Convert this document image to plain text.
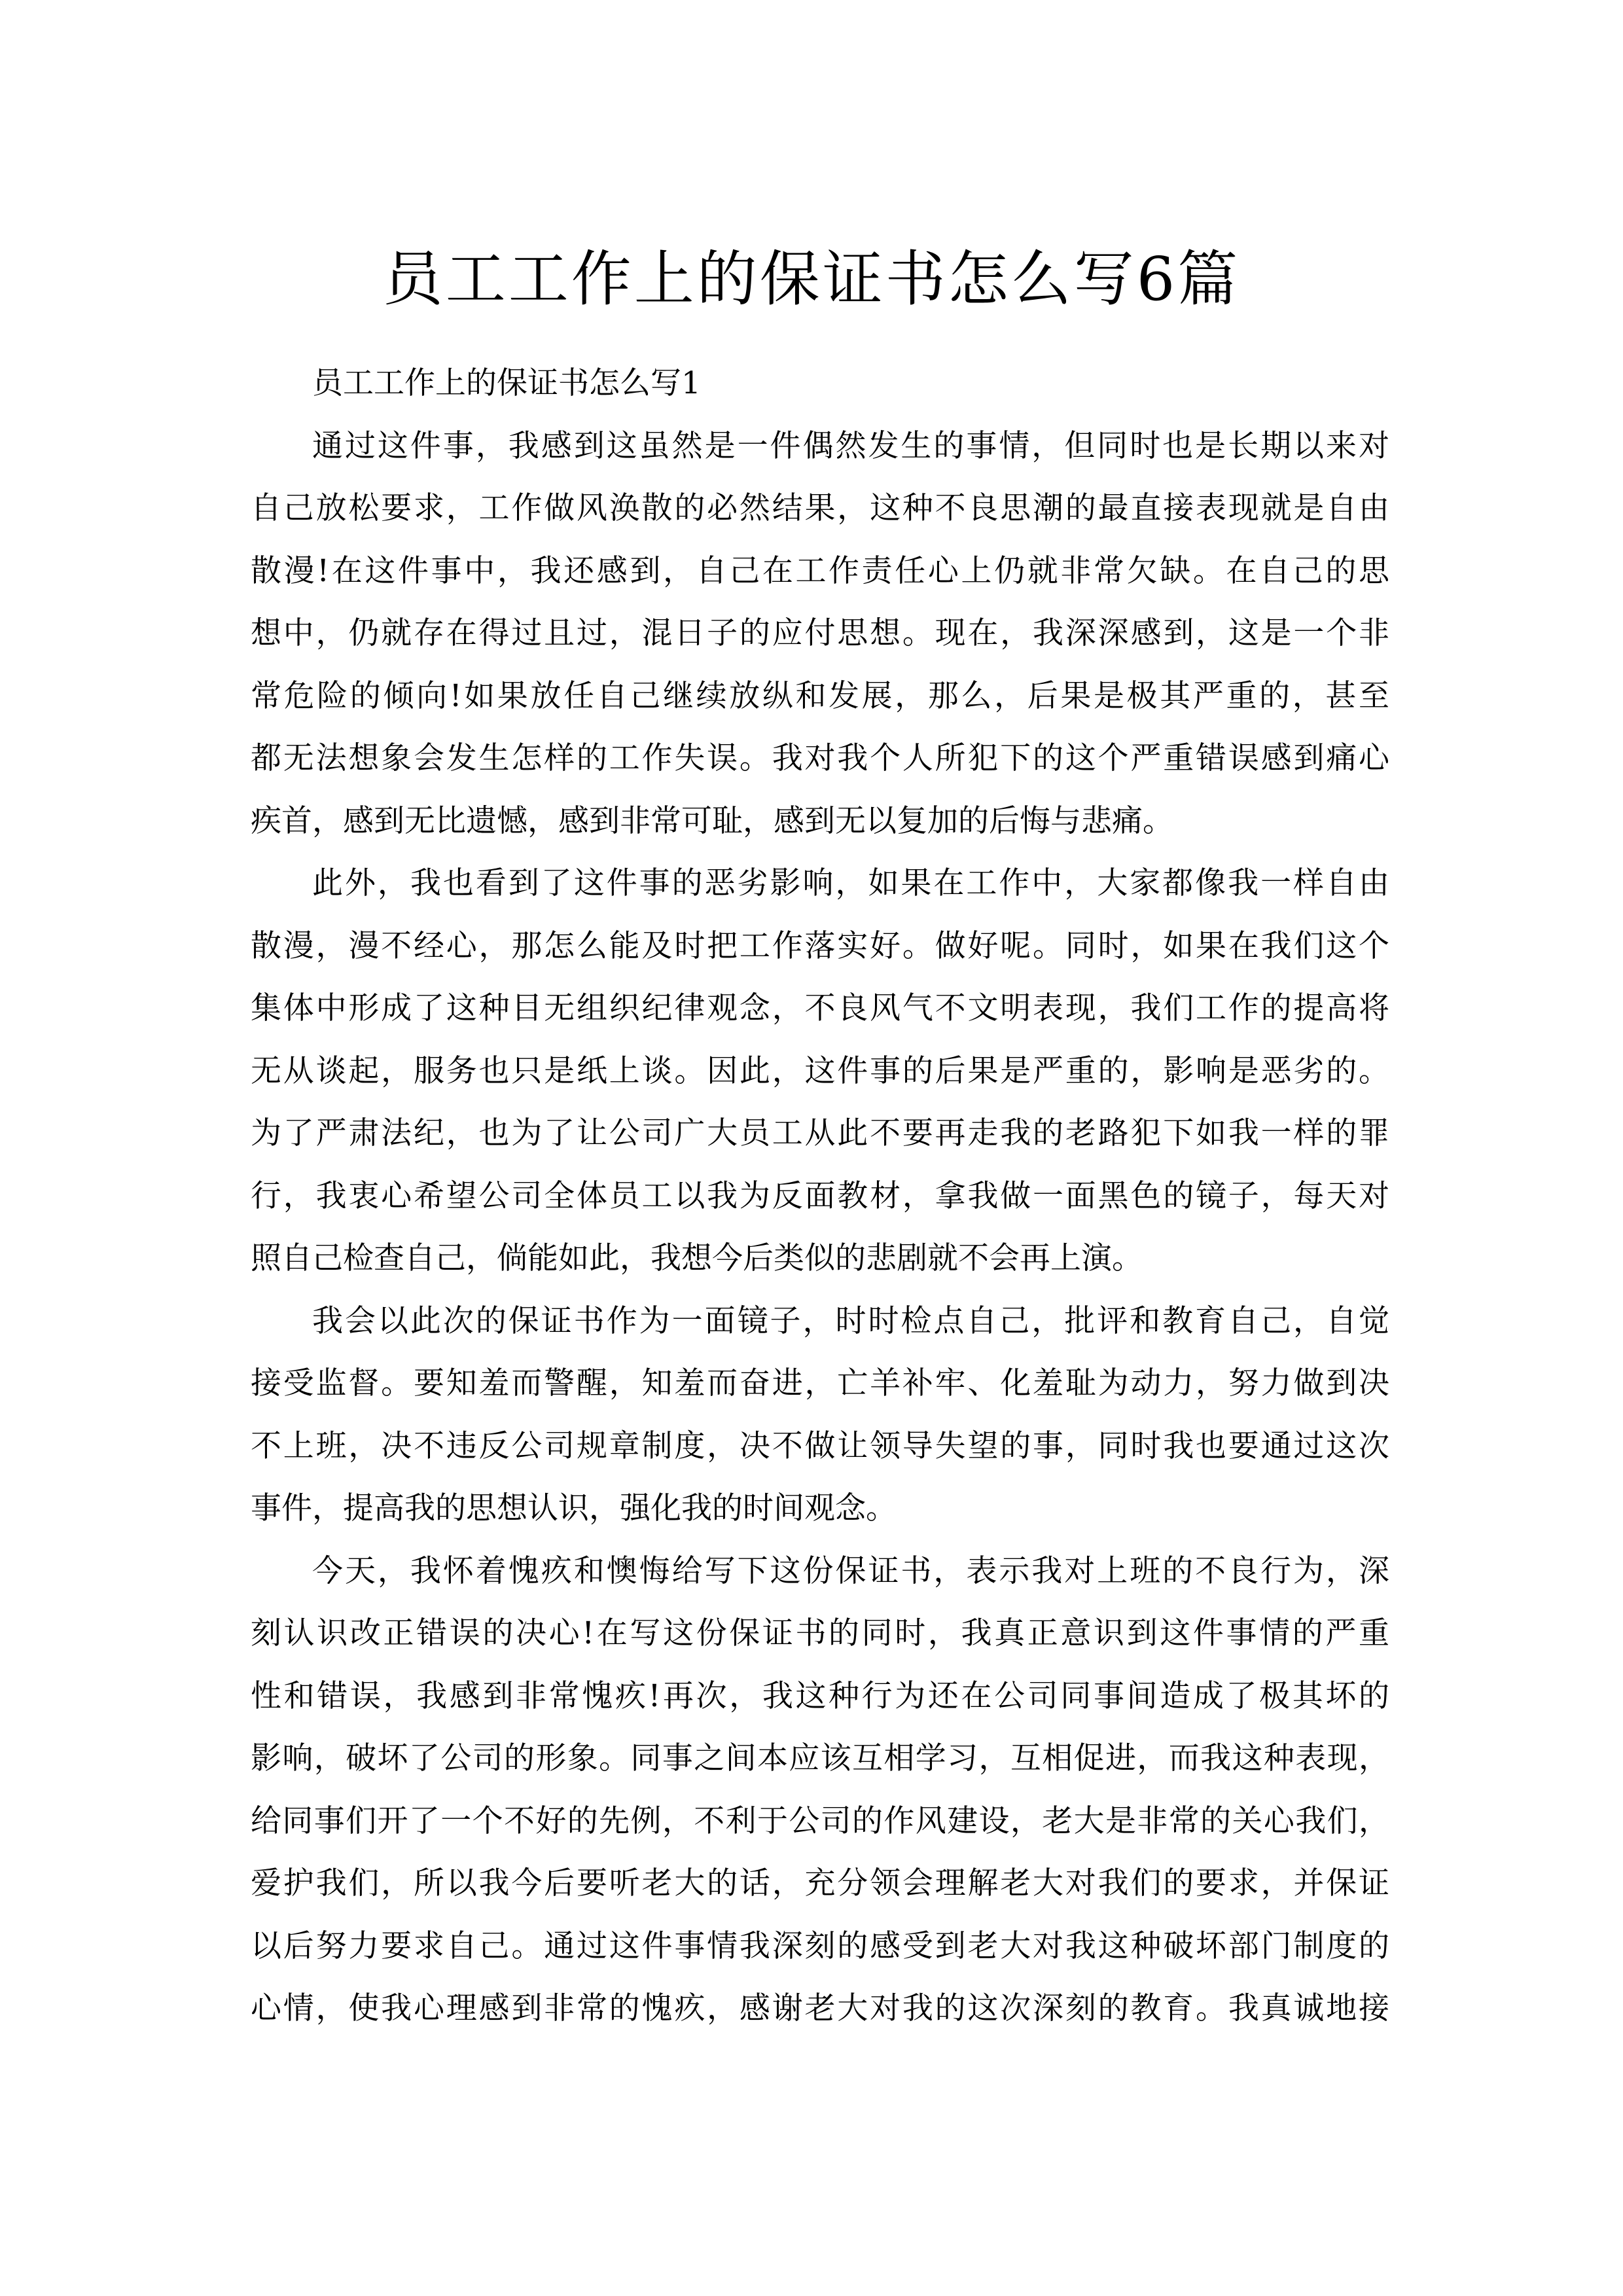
员工工作上的保证书怎么写6篇

员工工作上的保证书怎么写1

通过这件事，我感到这虽然是一件偶然发生的事情，但同时也是长期以来对
自己放松要求，工作做风涣散的必然结果，这种不良思潮的最直接表现就是自由
散漫!在这件事中，我还感到，自己在工作责任心上仍就非常欠缺。在自己的思
想中，仍就存在得过且过，混日子的应付思想。现在，我深深感到，这是一个非
常危险的倾向!如果放任自己继续放纵和发展，那么，后果是极其严重的，甚至
都无法想象会发生怎样的工作失误。我对我个人所犯下的这个严重错误感到痛心
疾首，感到无比遗憾，感到非常可耻，感到无以复加的后悔与悲痛。

此外，我也看到了这件事的恶劣影响，如果在工作中，大家都像我一样自由
散漫，漫不经心，那怎么能及时把工作落实好。做好呢。同时，如果在我们这个
集体中形成了这种目无组织纪律观念，不良风气不文明表现，我们工作的提高将
无从谈起，服务也只是纸上谈。因此，这件事的后果是严重的，影响是恶劣的。
为了严肃法纪，也为了让公司广大员工从此不要再走我的老路犯下如我一样的罪
行，我衷心希望公司全体员工以我为反面教材，拿我做一面黑色的镜子，每天对
照自己检查自己，倘能如此，我想今后类似的悲剧就不会再上演。

我会以此次的保证书作为一面镜子，时时检点自己，批评和教育自己，自觉
接受监督。要知羞而警醒，知羞而奋进，亡羊补牢、化羞耻为动力，努力做到决
不上班，决不违反公司规章制度，决不做让领导失望的事，同时我也要通过这次
事件，提高我的思想认识，强化我的时间观念。

今天，我怀着愧疚和懊悔给写下这份保证书，表示我对上班的不良行为，深
刻认识改正错误的决心!在写这份保证书的同时，我真正意识到这件事情的严重
性和错误，我感到非常愧疚!再次，我这种行为还在公司同事间造成了极其坏的
影响，破坏了公司的形象。同事之间本应该互相学习，互相促进，而我这种表现，
给同事们开了一个不好的先例，不利于公司的作风建设，老大是非常的关心我们，
爱护我们，所以我今后要听老大的话，充分领会理解老大对我们的要求，并保证
以后努力要求自己。通过这件事情我深刻的感受到老大对我这种破坏部门制度的
心情，使我心理感到非常的愧疚，感谢老大对我的这次深刻的教育。我真诚地接
